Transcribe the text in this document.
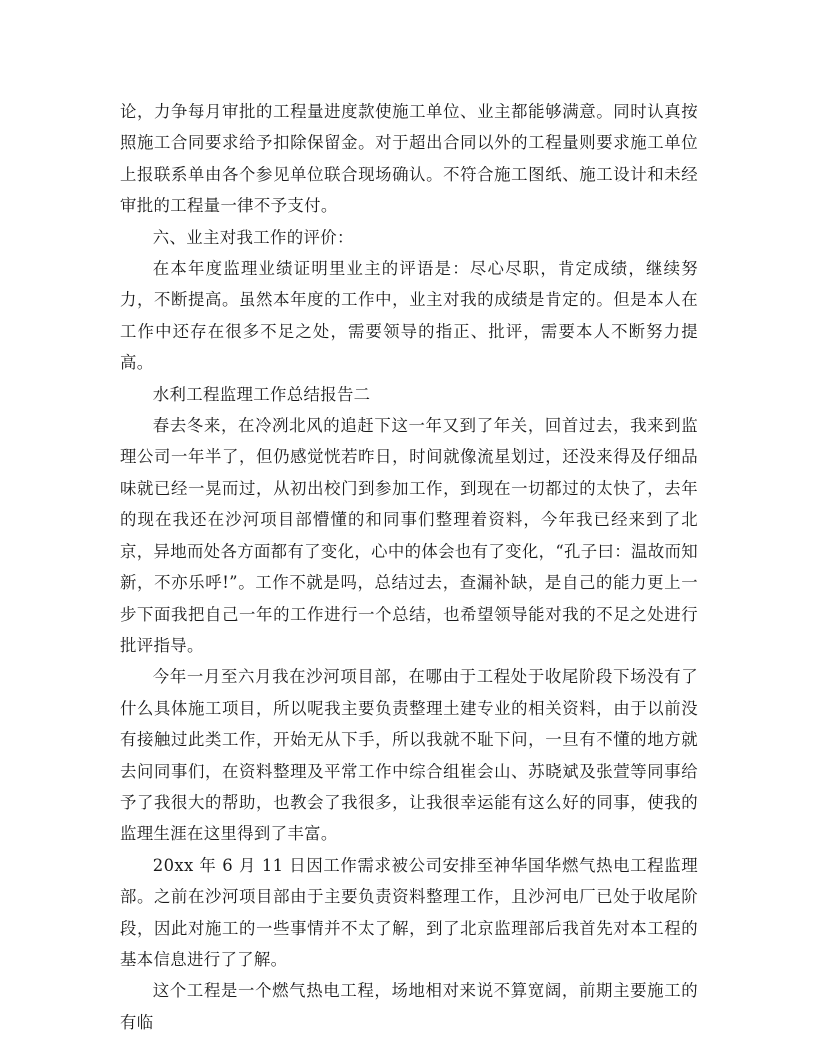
论，力争每月审批的工程量进度款使施工单位、业主都能够满意。同时认真按照施工合同要求给予扣除保留金。对于超出合同以外的工程量则要求施工单位上报联系单由各个参见单位联合现场确认。不符合施工图纸、施工设计和未经审批的工程量一律不予支付。

六、业主对我工作的评价：

在本年度监理业绩证明里业主的评语是：尽心尽职，肯定成绩，继续努力，不断提高。虽然本年度的工作中，业主对我的成绩是肯定的。但是本人在工作中还存在很多不足之处，需要领导的指正、批评，需要本人不断努力提高。

水利工程监理工作总结报告二

春去冬来，在冷冽北风的追赶下这一年又到了年关，回首过去，我来到监理公司一年半了，但仍感觉恍若昨日，时间就像流星划过，还没来得及仔细品味就已经一晃而过，从初出校门到参加工作，到现在一切都过的太快了，去年的现在我还在沙河项目部懵懂的和同事们整理着资料，今年我已经来到了北京，异地而处各方面都有了变化，心中的体会也有了变化，“孔子曰：温故而知新，不亦乐呼!”。工作不就是吗，总结过去，查漏补缺，是自己的能力更上一步下面我把自己一年的工作进行一个总结，也希望领导能对我的不足之处进行批评指导。

今年一月至六月我在沙河项目部，在哪由于工程处于收尾阶段下场没有了什么具体施工项目，所以呢我主要负责整理土建专业的相关资料，由于以前没有接触过此类工作，开始无从下手，所以我就不耻下问，一旦有不懂的地方就去问同事们，在资料整理及平常工作中综合组崔会山、苏晓斌及张萱等同事给予了我很大的帮助，也教会了我很多，让我很幸运能有这么好的同事，使我的监理生涯在这里得到了丰富。

20xx 年 6 月 11 日因工作需求被公司安排至神华国华燃气热电工程监理部。之前在沙河项目部由于主要负责资料整理工作，且沙河电厂已处于收尾阶段，因此对施工的一些事情并不太了解，到了北京监理部后我首先对本工程的基本信息进行了了解。

这个工程是一个燃气热电工程，场地相对来说不算宽阔，前期主要施工的有临
